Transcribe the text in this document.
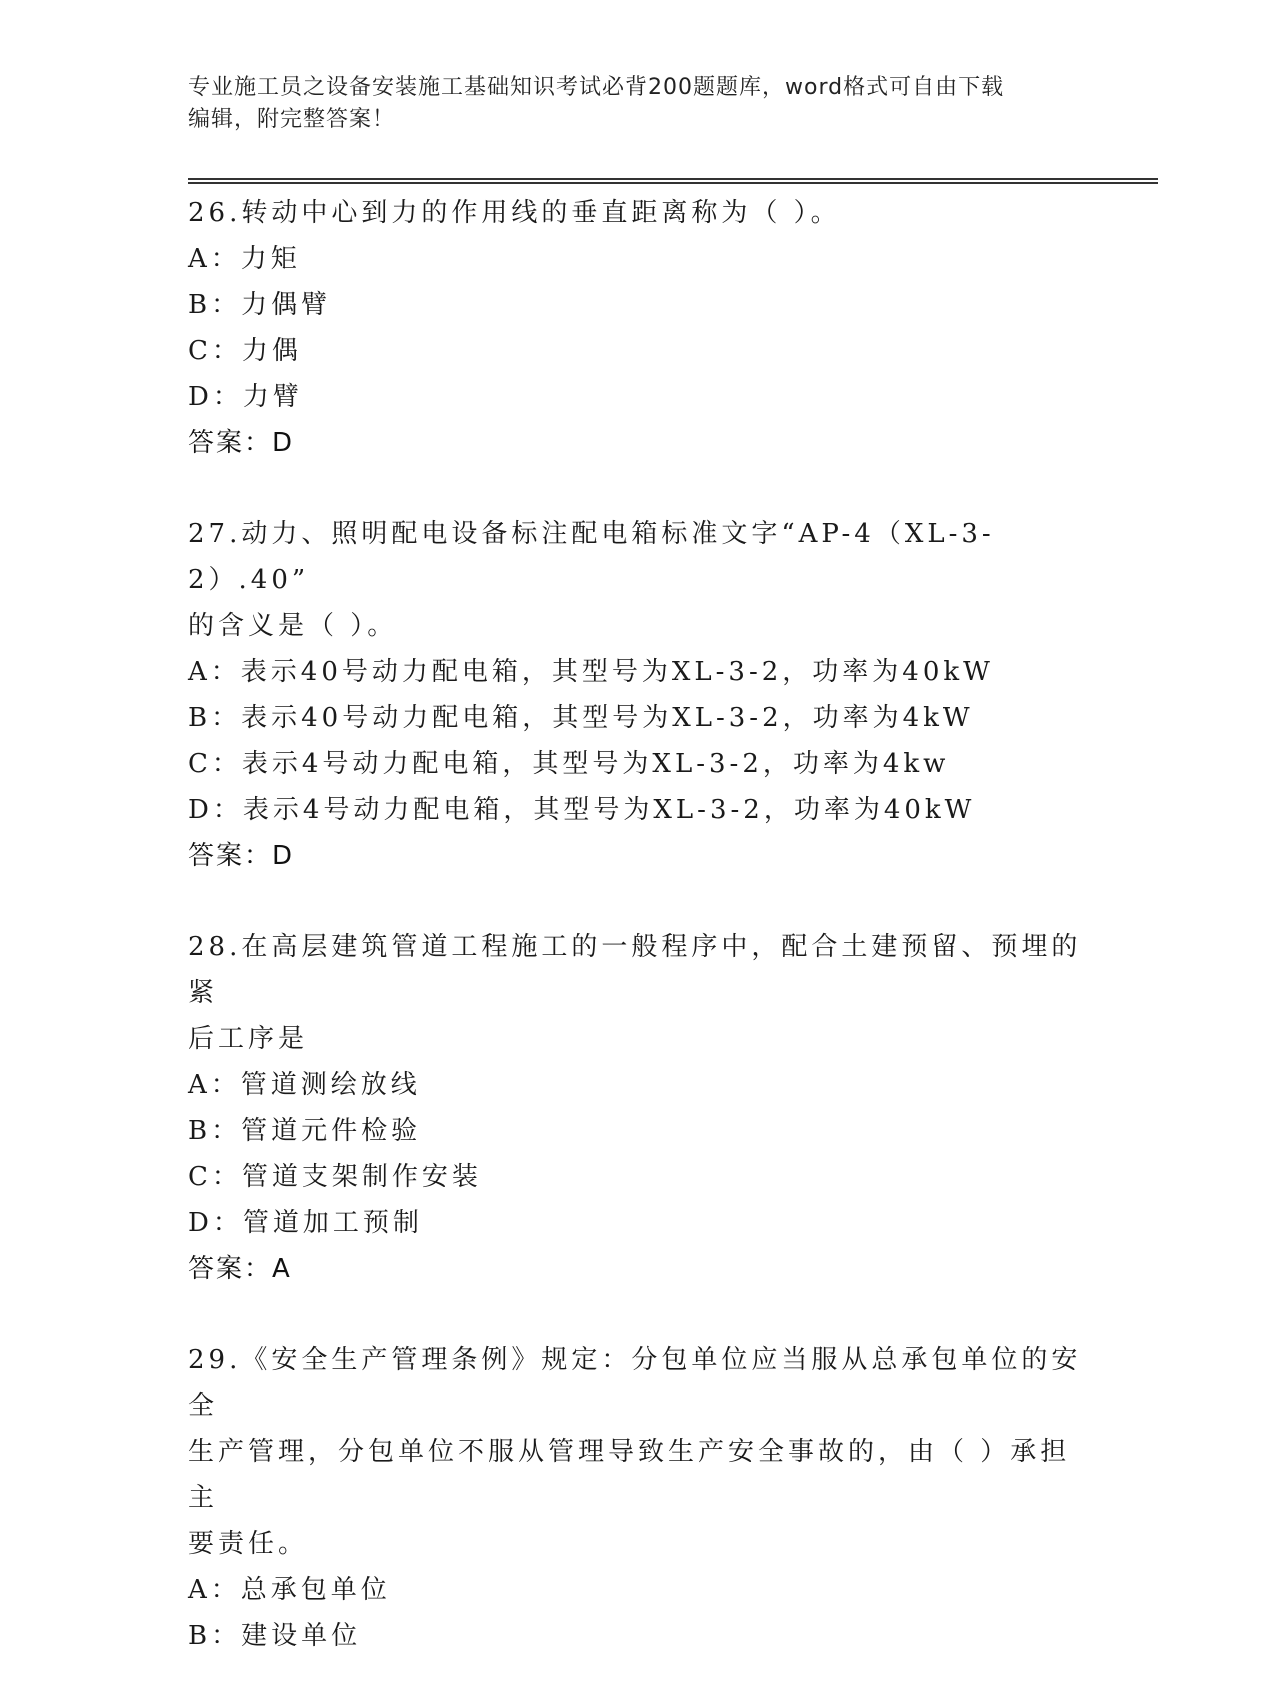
专业施工员之设备安装施工基础知识考试必背200题题库，word格式可自由下载
编辑，附完整答案！
26.转动中心到力的作用线的垂直距离称为（ ）。
A：力矩
B：力偶臂
C：力偶
D：力臂
答案：D
27.动力、照明配电设备标注配电箱标准文字“AP-4（XL-3-2）.40”
的含义是（ ）。
A：表示40号动力配电箱，其型号为XL-3-2，功率为40kW
B：表示40号动力配电箱，其型号为XL-3-2，功率为4kW
C：表示4号动力配电箱，其型号为XL-3-2，功率为4kw
D：表示4号动力配电箱，其型号为XL-3-2，功率为40kW
答案：D
28.在高层建筑管道工程施工的一般程序中，配合土建预留、预埋的紧
后工序是
A：管道测绘放线
B：管道元件检验
C：管道支架制作安装
D：管道加工预制
答案：A
29.《安全生产管理条例》规定：分包单位应当服从总承包单位的安全
生产管理，分包单位不服从管理导致生产安全事故的，由（ ）承担主
要责任。
A：总承包单位
B：建设单位
